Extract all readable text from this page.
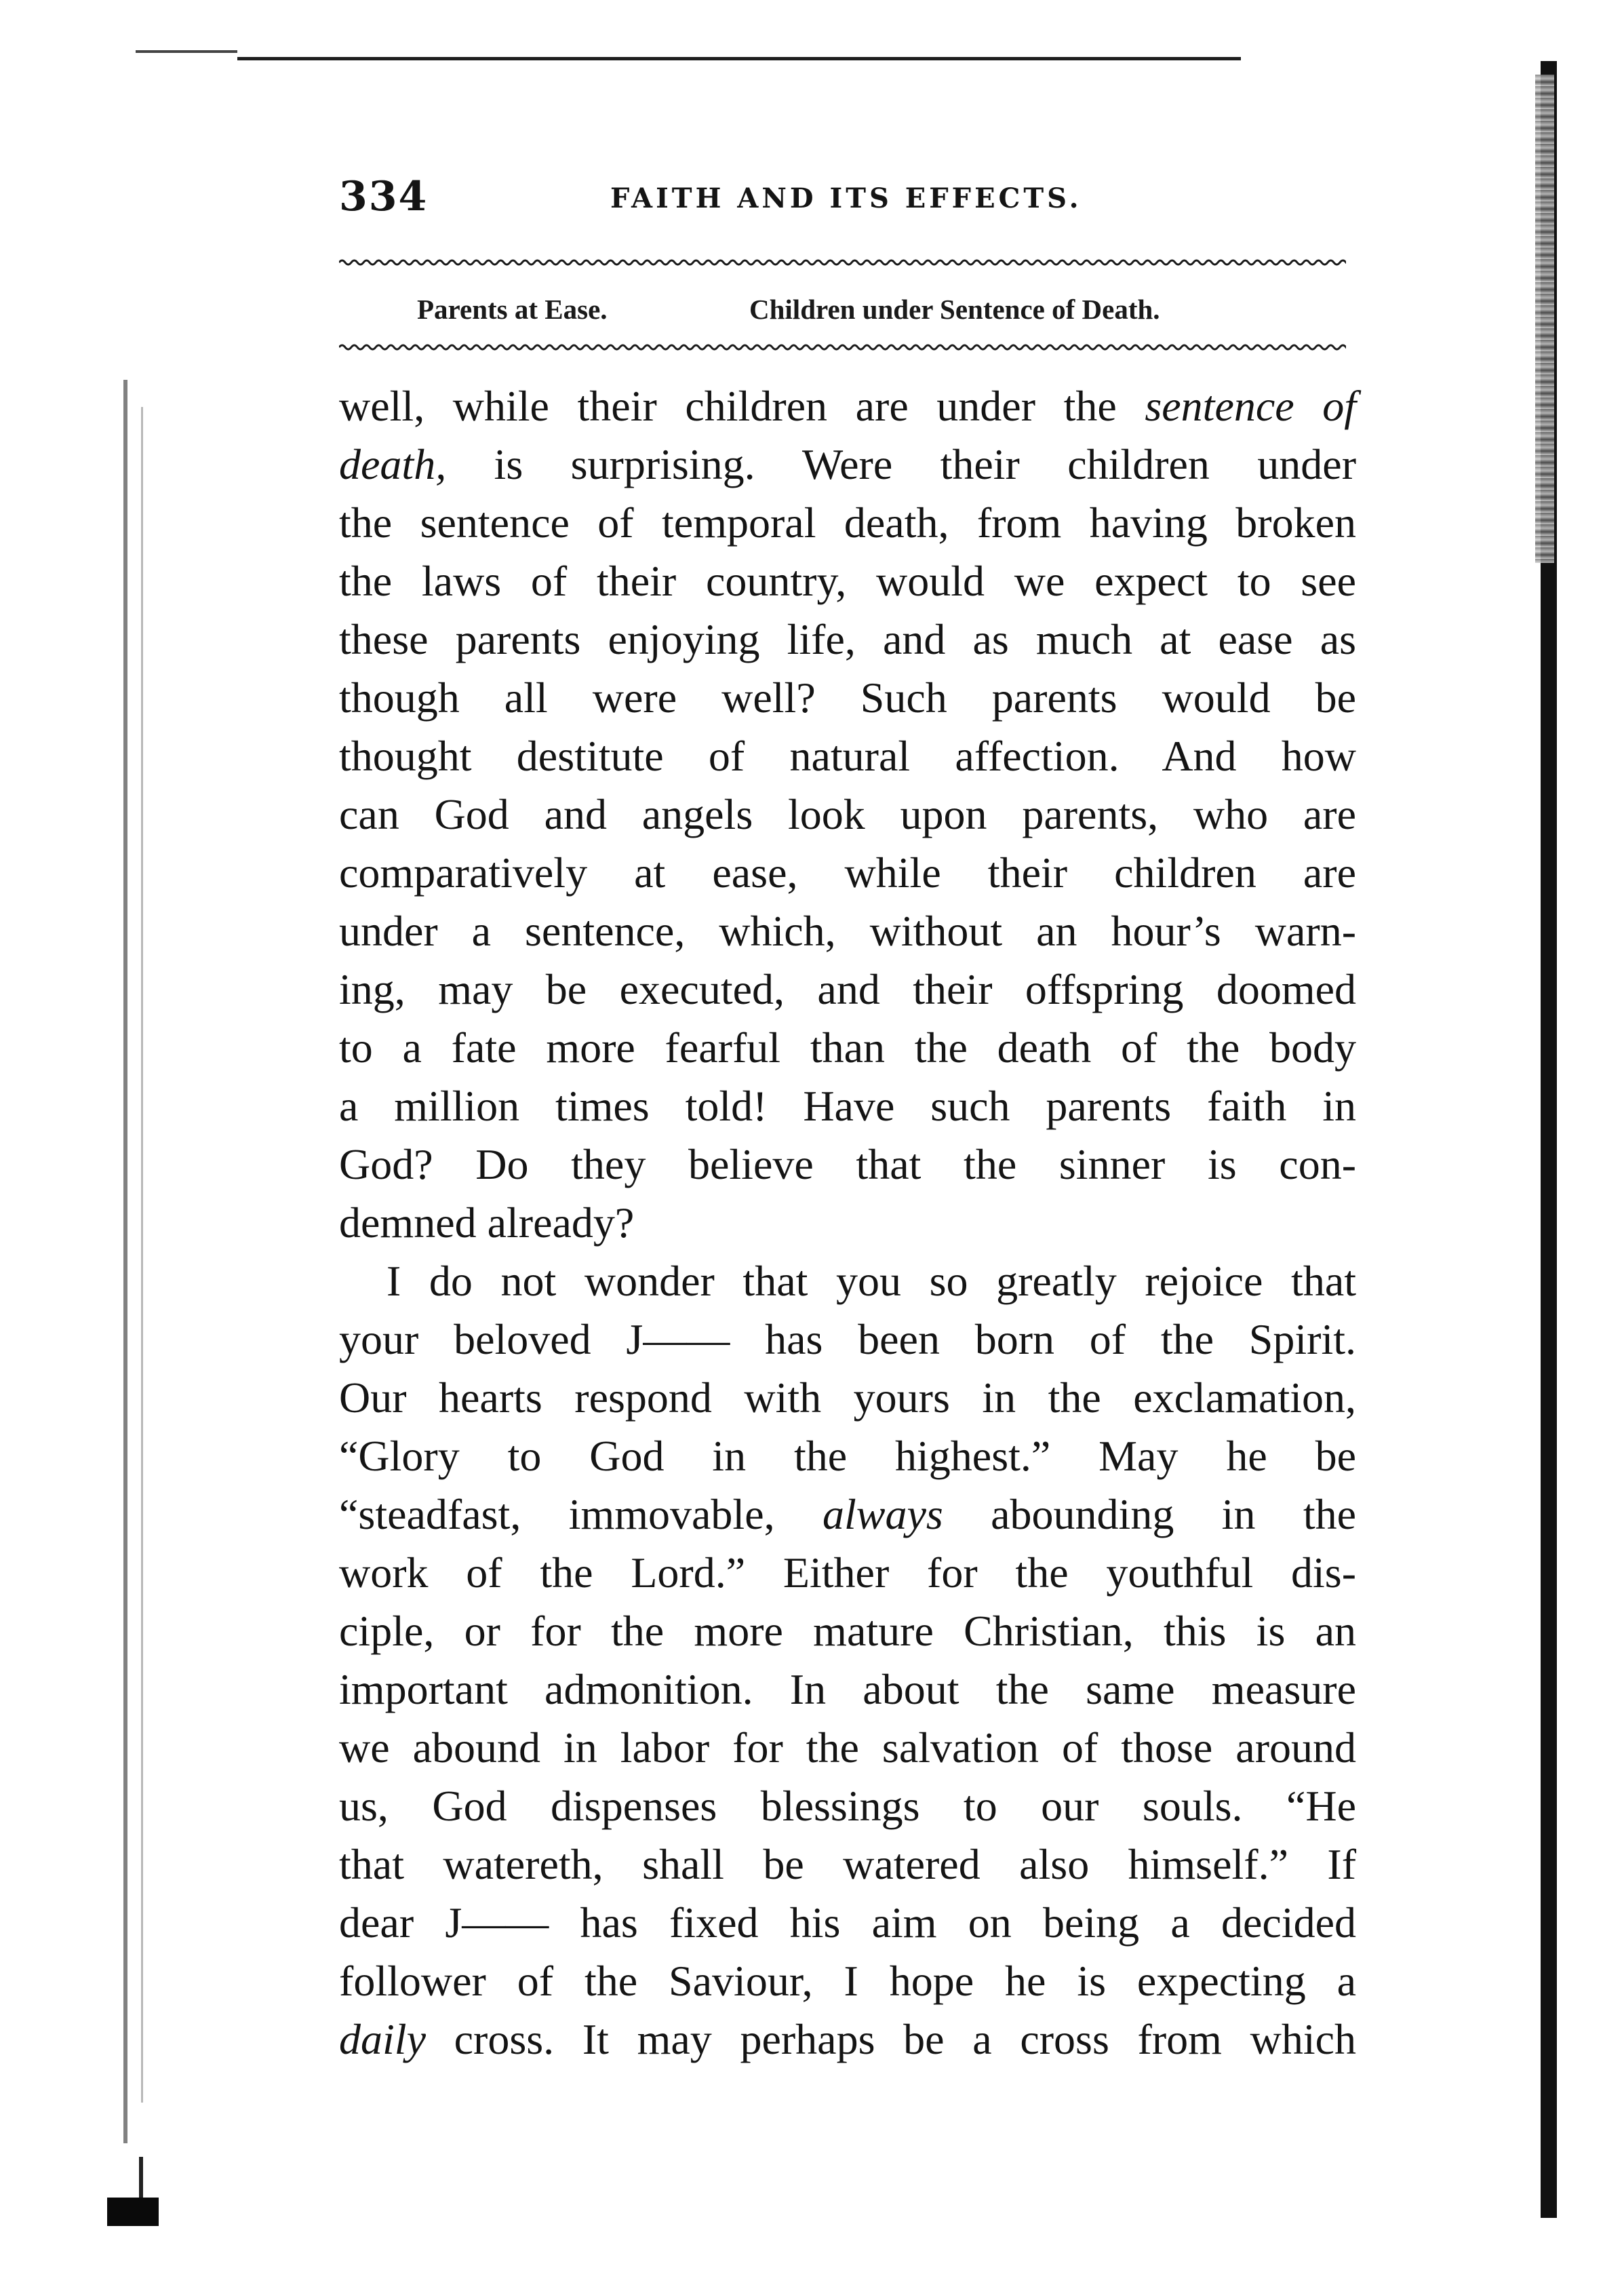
334	FAITH AND ITS EFFECTS.
Parents at Ease.	Children under Sentence of Death.
well, while their children are under the sentence of
death, is surprising. Were their children under
the sentence of temporal death, from having broken
the laws of their country, would we expect to see
these parents enjoying life, and as much at ease as
though all were well? Such parents would be
thought destitute of natural affection. And how
can God and angels look upon parents, who are
comparatively at ease, while their children are
under a sentence, which, without an hour’s warn-
ing, may be executed, and their offspring doomed
to a fate more fearful than the death of the body
a million times told! Have such parents faith in
God? Do they believe that the sinner is con-
demned already?
I do not wonder that you so greatly rejoice that
your beloved J—— has been born of the Spirit.
Our hearts respond with yours in the exclamation,
“Glory to God in the highest.” May he be
“steadfast, immovable, always abounding in the
work of the Lord.” Either for the youthful dis-
ciple, or for the more mature Christian, this is an
important admonition. In about the same measure
we abound in labor for the salvation of those around
us, God dispenses blessings to our souls. “He
that watereth, shall be watered also himself.” If
dear J—— has fixed his aim on being a decided
follower of the Saviour, I hope he is expecting a
daily cross. It may perhaps be a cross from which
